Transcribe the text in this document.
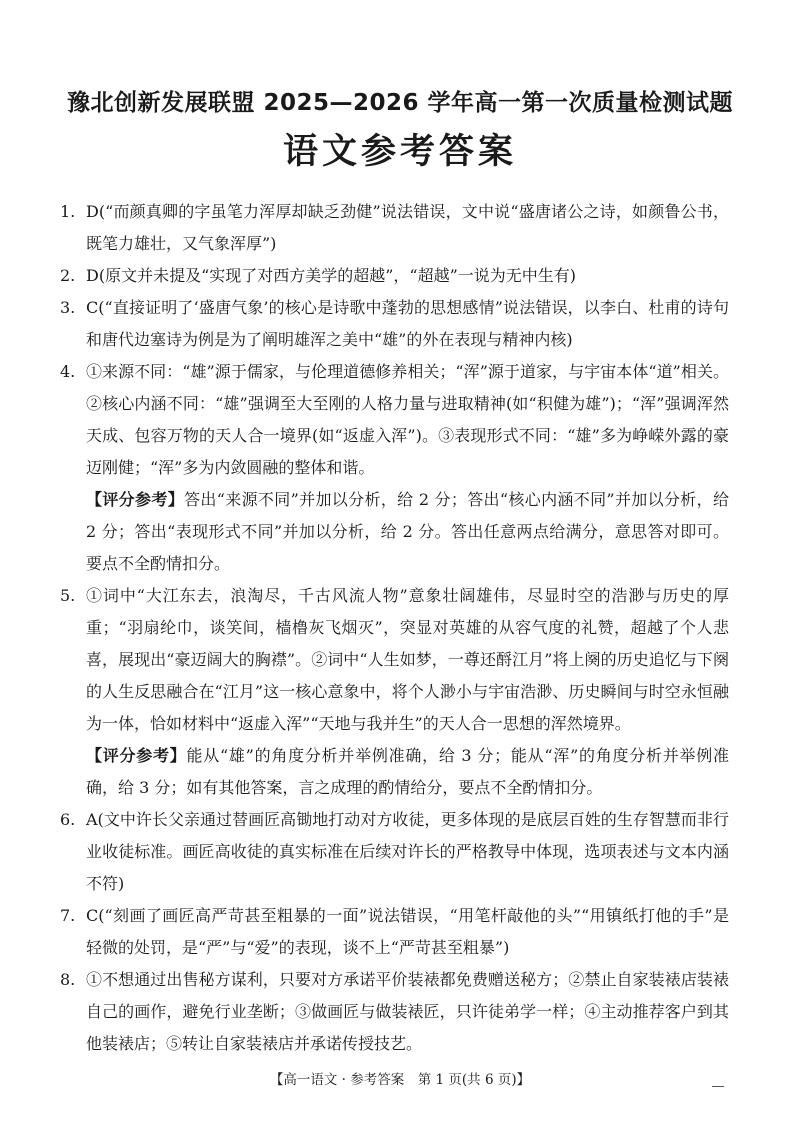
豫北创新发展联盟 2025—2026 学年高一第一次质量检测试题
语文参考答案
1. D(“而颜真卿的字虽笔力浑厚却缺乏劲健”说法错误，文中说“盛唐诸公之诗，如颜鲁公书，既笔力雄壮，又气象浑厚”)
2. D(原文并未提及“实现了对西方美学的超越”，“超越”一说为无中生有)
3. C(“直接证明了‘盛唐气象’的核心是诗歌中蓬勃的思想感情”说法错误，以李白、杜甫的诗句和唐代边塞诗为例是为了阐明雄浑之美中“雄”的外在表现与精神内核)
4. ①来源不同：“雄”源于儒家，与伦理道德修养相关；“浑”源于道家，与宇宙本体“道”相关。②核心内涵不同：“雄”强调至大至刚的人格力量与进取精神(如“积健为雄”)；“浑”强调浑然天成、包容万物的天人合一境界(如“返虚入浑”)。③表现形式不同：“雄”多为峥嵘外露的豪迈刚健；“浑”多为内敛圆融的整体和谐。
【评分参考】答出“来源不同”并加以分析，给 2 分；答出“核心内涵不同”并加以分析，给 2 分；答出“表现形式不同”并加以分析，给 2 分。答出任意两点给满分，意思答对即可。要点不全酌情扣分。
5. ①词中“大江东去，浪淘尽，千古风流人物”意象壮阔雄伟，尽显时空的浩渺与历史的厚重；“羽扇纶巾，谈笑间，樯橹灰飞烟灭”，突显对英雄的从容气度的礼赞，超越了个人悲喜，展现出“豪迈阔大的胸襟”。②词中“人生如梦，一尊还酹江月”将上阕的历史追忆与下阕的人生反思融合在“江月”这一核心意象中，将个人渺小与宇宙浩渺、历史瞬间与时空永恒融为一体，恰如材料中“返虚入浑”“天地与我并生”的天人合一思想的浑然境界。
【评分参考】能从“雄”的角度分析并举例准确，给 3 分；能从“浑”的角度分析并举例准确，给 3 分；如有其他答案，言之成理的酌情给分，要点不全酌情扣分。
6. A(文中许长父亲通过替画匠高锄地打动对方收徒，更多体现的是底层百姓的生存智慧而非行业收徒标准。画匠高收徒的真实标准在后续对许长的严格教导中体现，选项表述与文本内涵不符)
7. C(“刻画了画匠高严苛甚至粗暴的一面”说法错误，“用笔杆敲他的头”“用镇纸打他的手”是轻微的处罚，是“严”与“爱”的表现，谈不上“严苛甚至粗暴”)
8. ①不想通过出售秘方谋利，只要对方承诺平价装裱都免费赠送秘方；②禁止自家装裱店装裱自己的画作，避免行业垄断；③做画匠与做装裱匠，只许徒弟学一样；④主动推荐客户到其他装裱店；⑤转让自家装裱店并承诺传授技艺。
【高一语文 · 参考答案　第 1 页(共 6 页)】
